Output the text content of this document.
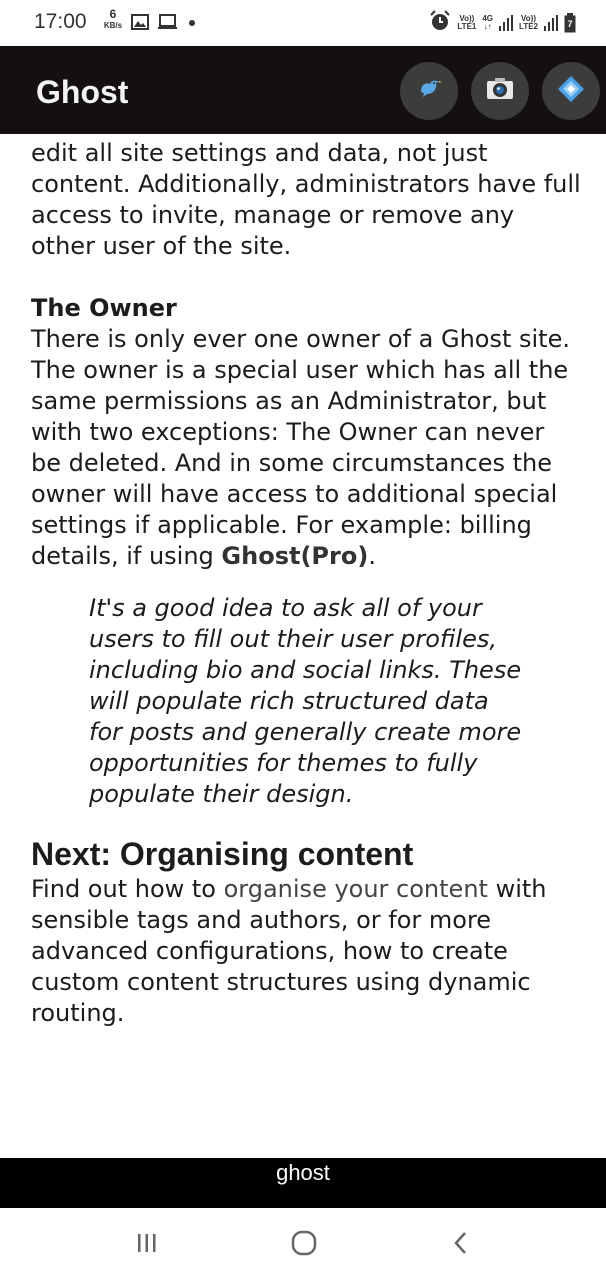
17:00	6
KB/s
Vo))
LTE1
4G
↓↑
Vo))
LTE2	7
Ghost

edit all site settings and data, not just content. Additionally, administrators have full access to invite, manage or remove any other user of the site.

The Owner
There is only ever one owner of a Ghost site. The owner is a special user which has all the same permissions as an Administrator, but with two exceptions: The Owner can never be deleted. And in some circumstances the owner will have access to additional special settings if applicable. For example: billing details, if using Ghost(Pro).

It's a good idea to ask all of your users to fill out their user profiles, including bio and social links. These will populate rich structured data for posts and generally create more opportunities for themes to fully populate their design.
Next: Organising content

Find out how to organise your content with sensible tags and authors, or for more advanced configurations, how to create custom content structures using dynamic routing.

ghost
